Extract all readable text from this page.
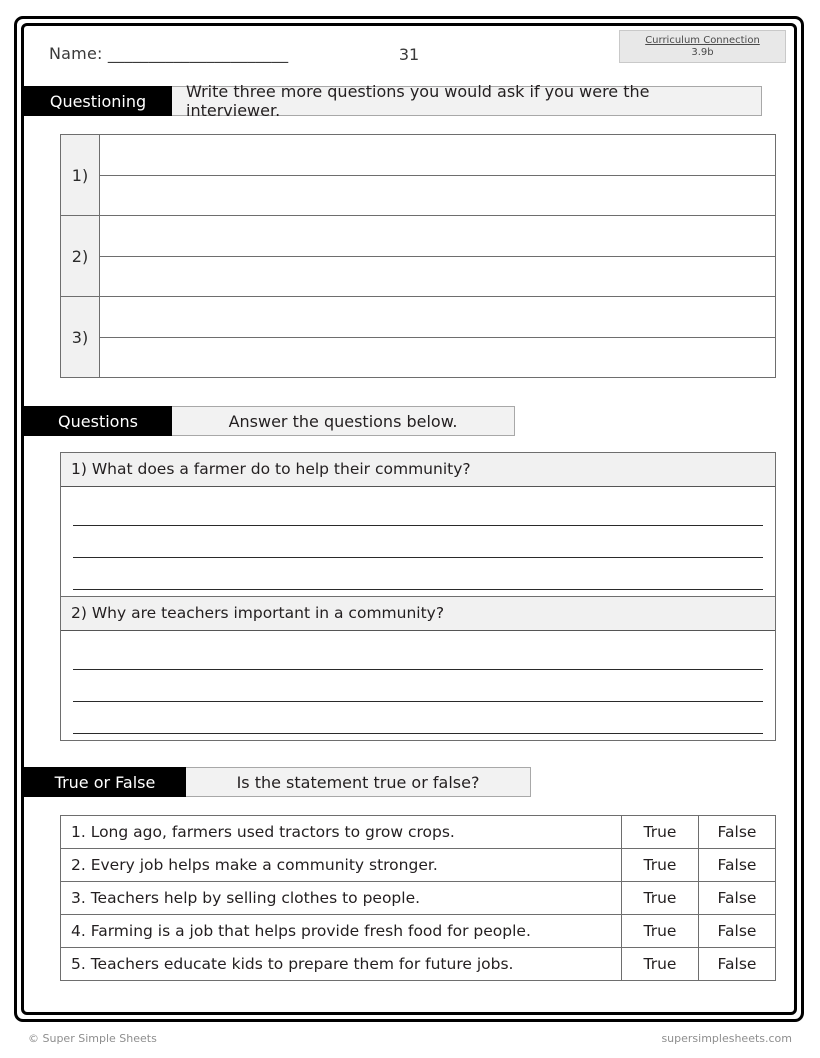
Name: ______________________	31
Curriculum Connection
3.9b
Questioning	Write three more questions you would ask if you were the interviewer.
1)	

2)	

3)	
Questions	Answer the questions below.
1) What does a farmer do to help their community?
2) Why are teachers important in a community?
True or False	Is the statement true or false?
1. Long ago, farmers used tractors to grow crops.	True	False
2. Every job helps make a community stronger.	True	False
3. Teachers help by selling clothes to people.	True	False
4. Farming is a job that helps provide fresh food for people.	True	False
5. Teachers educate kids to prepare them for future jobs.	True	False
© Super Simple Sheets	supersimplesheets.com
